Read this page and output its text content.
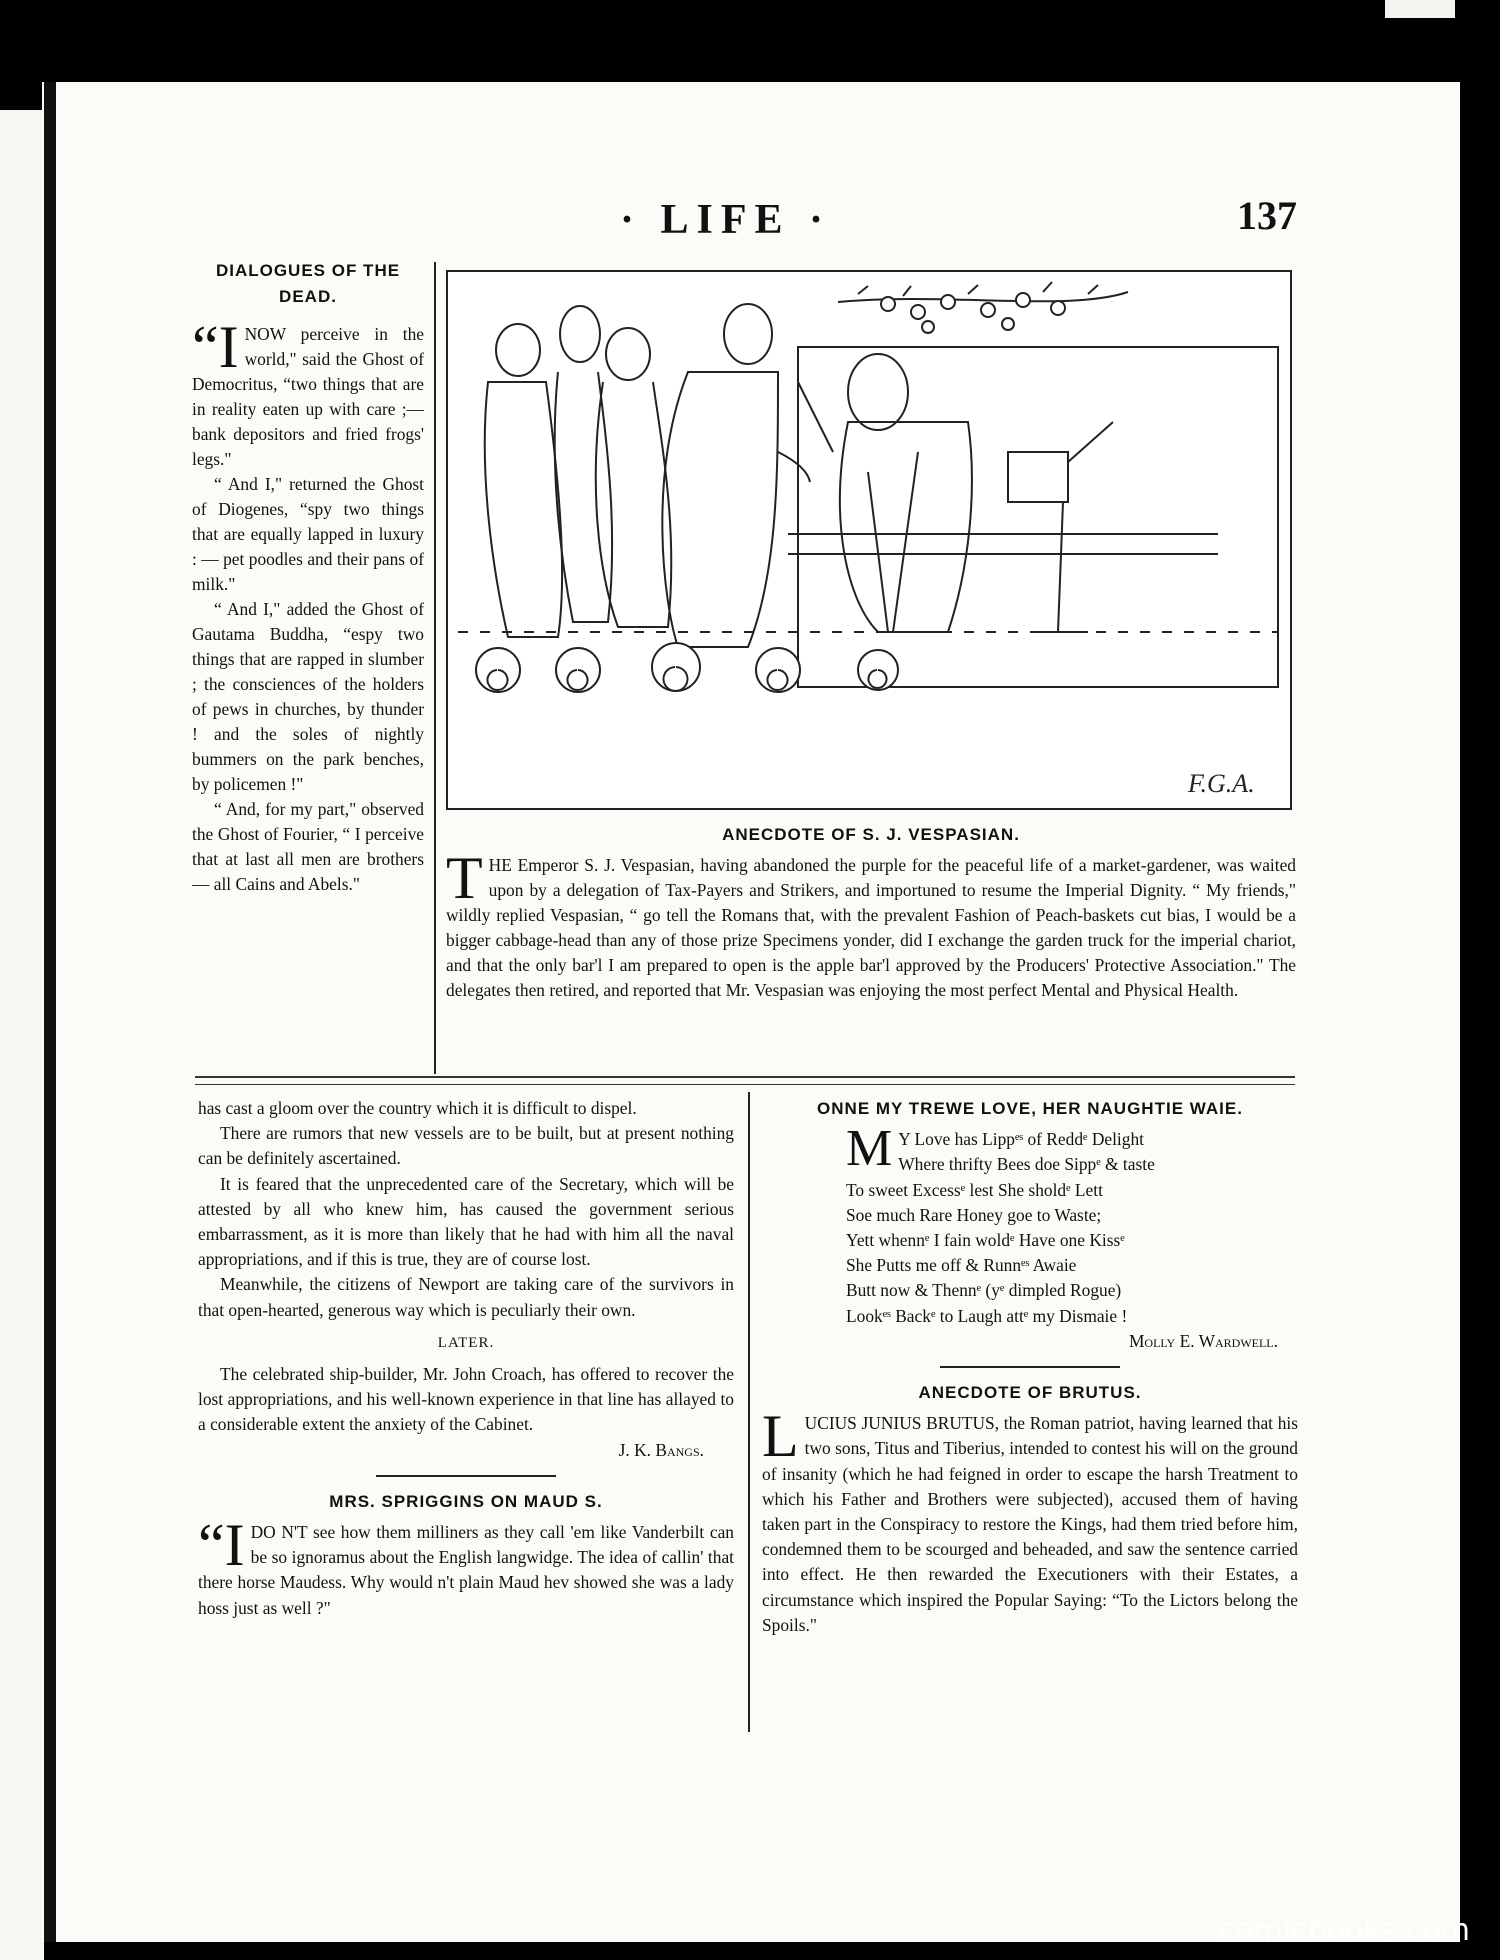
· LIFE ·	137
DIALOGUES OF THE DEAD.

“I NOW perceive in the world," said the Ghost of Democritus, “two things that are in reality eaten up with care ;—bank depositors and fried frogs' legs."

“ And I," returned the Ghost of Diogenes, “spy two things that are equally lapped in luxury : — pet poodles and their pans of milk."

“ And I," added the Ghost of Gautama Buddha, “espy two things that are rapped in slumber ; the consciences of the holders of pews in churches, by thunder ! and the soles of nightly bummers on the park benches, by policemen !"

“ And, for my part," observed the Ghost of Fourier, “ I perceive that at last all men are brothers — all Cains and Abels."

F.G.A.
ANECDOTE OF S. J. VESPASIAN.

THE Emperor S. J. Vespasian, having abandoned the purple for the peaceful life of a market-gardener, was waited upon by a delegation of Tax-Payers and Strikers, and importuned to resume the Imperial Dignity. “ My friends," wildly replied Vespasian, “ go tell the Romans that, with the prevalent Fashion of Peach-baskets cut bias, I would be a bigger cabbage-head than any of those prize Specimens yonder, did I exchange the garden truck for the imperial chariot, and that the only bar'l I am prepared to open is the apple bar'l approved by the Producers' Protective Association." The delegates then retired, and reported that Mr. Vespasian was enjoying the most perfect Mental and Physical Health.

has cast a gloom over the country which it is difficult to dispel.

There are rumors that new vessels are to be built, but at present nothing can be definitely ascertained.

It is feared that the unprecedented care of the Secretary, which will be attested by all who knew him, has caused the government serious embarrassment, as it is more than likely that he had with him all the naval appropriations, and if this is true, they are of course lost.

Meanwhile, the citizens of Newport are taking care of the survivors in that open-hearted, generous way which is peculiarly their own.

LATER.

The celebrated ship-builder, Mr. John Croach, has offered to recover the lost appropriations, and his well-known experience in that line has allayed to a considerable extent the anxiety of the Cabinet.

J. K. Bangs.

MRS. SPRIGGINS ON MAUD S.

“I DO N'T see how them milliners as they call 'em like Vanderbilt can be so ignoramus about the English langwidge. The idea of callin' that there horse Maudess. Why would n't plain Maud hev showed she was a lady hoss just as well ?"

ONNE MY TREWE LOVE, HER NAUGHTIE WAIE.
M Y Love has Lippᵉˢ of Reddᵉ Delight
Where thrifty Bees doe Sippᵉ & taste
To sweet Excessᵉ lest She sholdᵉ Lett
Soe much Rare Honey goe to Waste;
Yett whennᵉ I fain woldᵉ Have one Kissᵉ
She Putts me off & Runnᵉˢ Awaie
Butt now & Thennᵉ (yᵉ dimpled Rogue)
Lookᵉˢ Backᵉ to Laugh attᵉ my Dismaie !
Molly E. Wardwell.
ANECDOTE OF BRUTUS.

LUCIUS JUNIUS BRUTUS, the Roman patriot, having learned that his two sons, Titus and Tiberius, intended to contest his will on the ground of insanity (which he had feigned in order to escape the harsh Treatment to which his Father and Brothers were subjected), accused them of having taken part in the Conspiracy to restore the Kings, had them tried before him, condemned them to be scourged and beheaded, and saw the sentence carried into effect. He then rewarded the Executioners with their Estates, a circumstance which inspired the Popular Saying: “To the Lictors belong the Spoils."

comicbooks.com
